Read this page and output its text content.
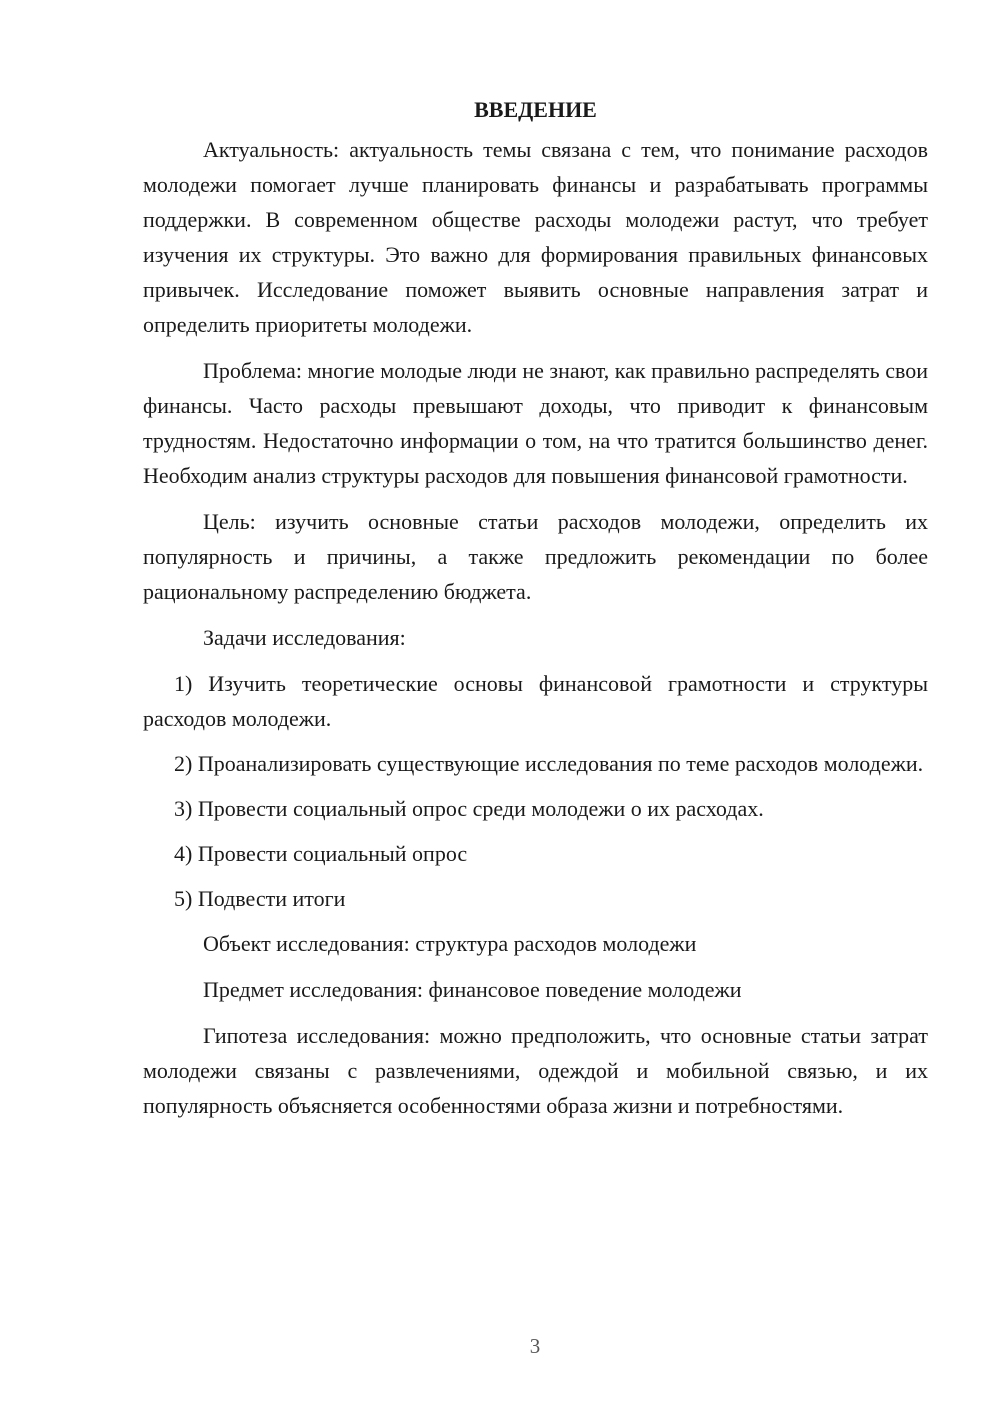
ВВЕДЕНИЕ

Актуальность: актуальность темы связана с тем, что понимание расходов молодежи помогает лучше планировать финансы и разрабатывать программы поддержки. В современном обществе расходы молодежи растут, что требует изучения их структуры. Это важно для формирования правильных финансовых привычек. Исследование поможет выявить основные направления затрат и определить приоритеты молодежи.

Проблема: многие молодые люди не знают, как правильно распределять свои финансы. Часто расходы превышают доходы, что приводит к финансовым трудностям. Недостаточно информации о том, на что тратится большинство денег. Необходим анализ структуры расходов для повышения финансовой грамотности.

Цель: изучить основные статьи расходов молодежи, определить их популярность и причины, а также предложить рекомендации по более рациональному распределению бюджета.

Задачи исследования:

1) Изучить теоретические основы финансовой грамотности и структуры расходов молодежи.

2) Проанализировать существующие исследования по теме расходов молодежи.

3) Провести социальный опрос среди молодежи о их расходах.

4) Провести социальный опрос

5) Подвести итоги

Объект исследования: структура расходов молодежи

Предмет исследования: финансовое поведение молодежи

Гипотеза исследования: можно предположить, что основные статьи затрат молодежи связаны с развлечениями, одеждой и мобильной связью, и их популярность объясняется особенностями образа жизни и потребностями.

3
